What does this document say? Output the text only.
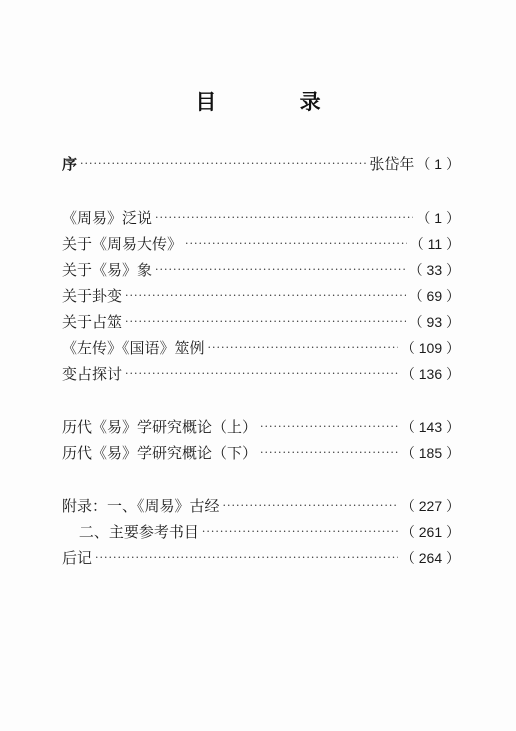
目 录
序 ·····	张岱年 （ 1 ）
《周易》泛说 ·····	（ 1 ）
关于《周易大传》 ·····	（ 11 ）
关于《易》象 ·····	（ 33 ）
关于卦变 ·····	（ 69 ）
关于占筮 ·····	（ 93 ）
《左传》《国语》筮例 ·····	（ 109 ）
变占探讨 ·····	（ 136 ）
历代《易》学研究概论（上） ·····	（ 143 ）
历代《易》学研究概论（下） ·····	（ 185 ）
附录：一、《周易》古经 ·····	（ 227 ）
二、主要参考书目 ·····	（ 261 ）
后记 ·····	（ 264 ）
